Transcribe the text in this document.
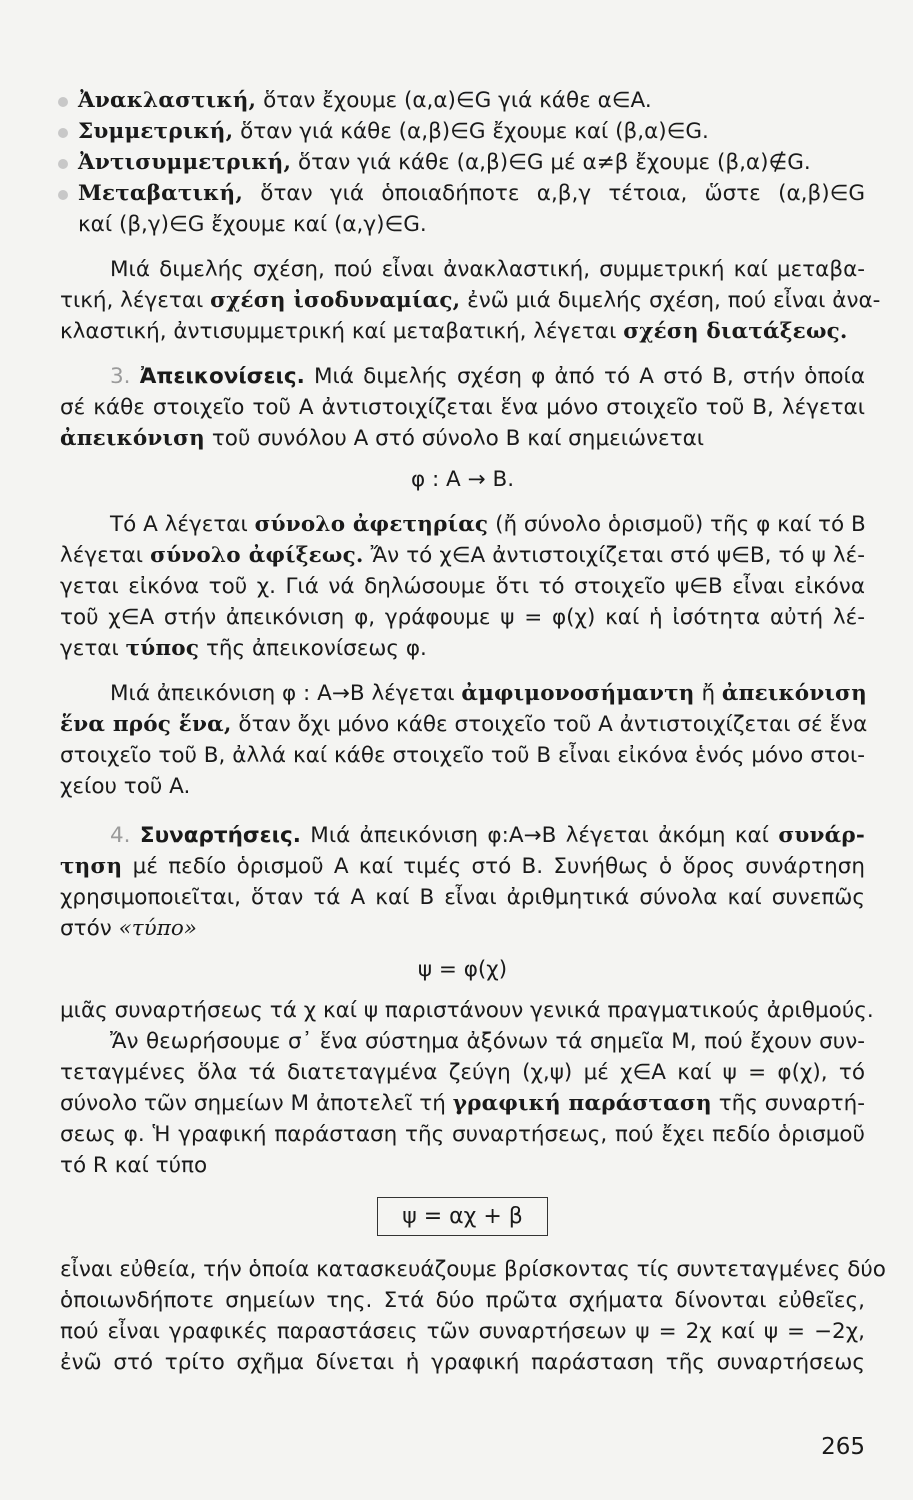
Ἀνακλαστική, ὅταν ἔχουμε (α,α)∈G γιά κάθε α∈A.
Συμμετρική, ὅταν γιά κάθε (α,β)∈G ἔχουμε καί (β,α)∈G.
Ἀντισυμμετρική, ὅταν γιά κάθε (α,β)∈G μέ α≠β ἔχουμε (β,α)∉G.
Μεταβατική, ὅταν γιά ὁποιαδήποτε α,β,γ τέτοια, ὥστε (α,β)∈G
καί (β,γ)∈G ἔχουμε καί (α,γ)∈G.
Μιά διμελής σχέση, πού εἶναι ἀνακλαστική, συμμετρική καί μεταβα-
τική, λέγεται σχέση ἰσοδυναμίας, ἐνῶ μιά διμελής σχέση, πού εἶναι ἀνα-
κλαστική, ἀντισυμμετρική καί μεταβατική, λέγεται σχέση διατάξεως.
3. Ἀπεικονίσεις. Μιά διμελής σχέση φ ἀπό τό A στό B, στήν ὁποία
σέ κάθε στοιχεῖο τοῦ A ἀντιστοιχίζεται ἕνα μόνο στοιχεῖο τοῦ B, λέγεται
ἀπεικόνιση τοῦ συνόλου A στό σύνολο B καί σημειώνεται
φ : A → B.
Τό A λέγεται σύνολο ἀφετηρίας (ἤ σύνολο ὁρισμοῦ) τῆς φ καί τό B
λέγεται σύνολο ἀφίξεως. Ἄν τό χ∈A ἀντιστοιχίζεται στό ψ∈B, τό ψ λέ-
γεται εἰκόνα τοῦ χ. Γιά νά δηλώσουμε ὅτι τό στοιχεῖο ψ∈B εἶναι εἰκόνα
τοῦ χ∈A στήν ἀπεικόνιση φ, γράφουμε ψ = φ(χ) καί ἡ ἰσότητα αὐτή λέ-
γεται τύπος τῆς ἀπεικονίσεως φ.
Μιά ἀπεικόνιση φ : A→B λέγεται ἀμφιμονοσήμαντη ἤ ἀπεικόνιση
ἕνα πρός ἕνα, ὅταν ὄχι μόνο κάθε στοιχεῖο τοῦ A ἀντιστοιχίζεται σέ ἕνα
στοιχεῖο τοῦ B, ἀλλά καί κάθε στοιχεῖο τοῦ B εἶναι εἰκόνα ἑνός μόνο στοι-
χείου τοῦ A.
4. Συναρτήσεις. Μιά ἀπεικόνιση φ:A→B λέγεται ἀκόμη καί συνάρ-
τηση μέ πεδίο ὁρισμοῦ A καί τιμές στό B. Συνήθως ὁ ὅρος συνάρτηση
χρησιμοποιεῖται, ὅταν τά A καί B εἶναι ἀριθμητικά σύνολα καί συνεπῶς
στόν «τύπο»
ψ = φ(χ)
μιᾶς συναρτήσεως τά χ καί ψ παριστάνουν γενικά πραγματικούς ἀριθμούς.
Ἄν θεωρήσουμε σ᾿ ἕνα σύστημα ἀξόνων τά σημεῖα M, πού ἔχουν συν-
τεταγμένες ὅλα τά διατεταγμένα ζεύγη (χ,ψ) μέ χ∈A καί ψ = φ(χ), τό
σύνολο τῶν σημείων M ἀποτελεῖ τή γραφική παράσταση τῆς συναρτή-
σεως φ. Ἡ γραφική παράσταση τῆς συναρτήσεως, πού ἔχει πεδίο ὁρισμοῦ
τό R καί τύπο
ψ = αχ + β
εἶναι εὐθεία, τήν ὁποία κατασκευάζουμε βρίσκοντας τίς συντεταγμένες δύο
ὁποιωνδήποτε σημείων της. Στά δύο πρῶτα σχήματα δίνονται εὐθεῖες,
πού εἶναι γραφικές παραστάσεις τῶν συναρτήσεων ψ = 2χ καί ψ = −2χ,
ἐνῶ στό τρίτο σχῆμα δίνεται ἡ γραφική παράσταση τῆς συναρτήσεως
265
